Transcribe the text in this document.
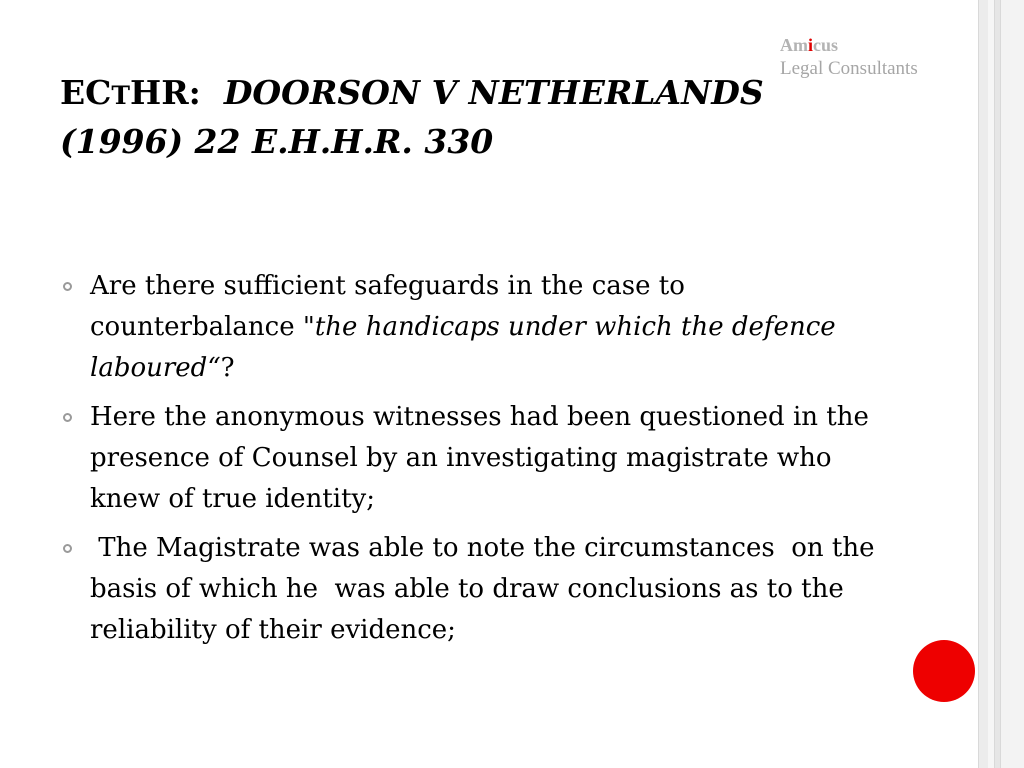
Amicus
Legal Consultants
ECTHR: DOORSON V NETHERLANDS (1996) 22 E.H.H.R. 330
Are there sufficient safeguards in the case to counterbalance "the handicaps under which the defence laboured“?
Here the anonymous witnesses had been questioned in the presence of Counsel by an investigating magistrate who knew of true identity;
The Magistrate was able to note the circumstances  on the basis of which he  was able to draw conclusions as to the reliability of their evidence;
